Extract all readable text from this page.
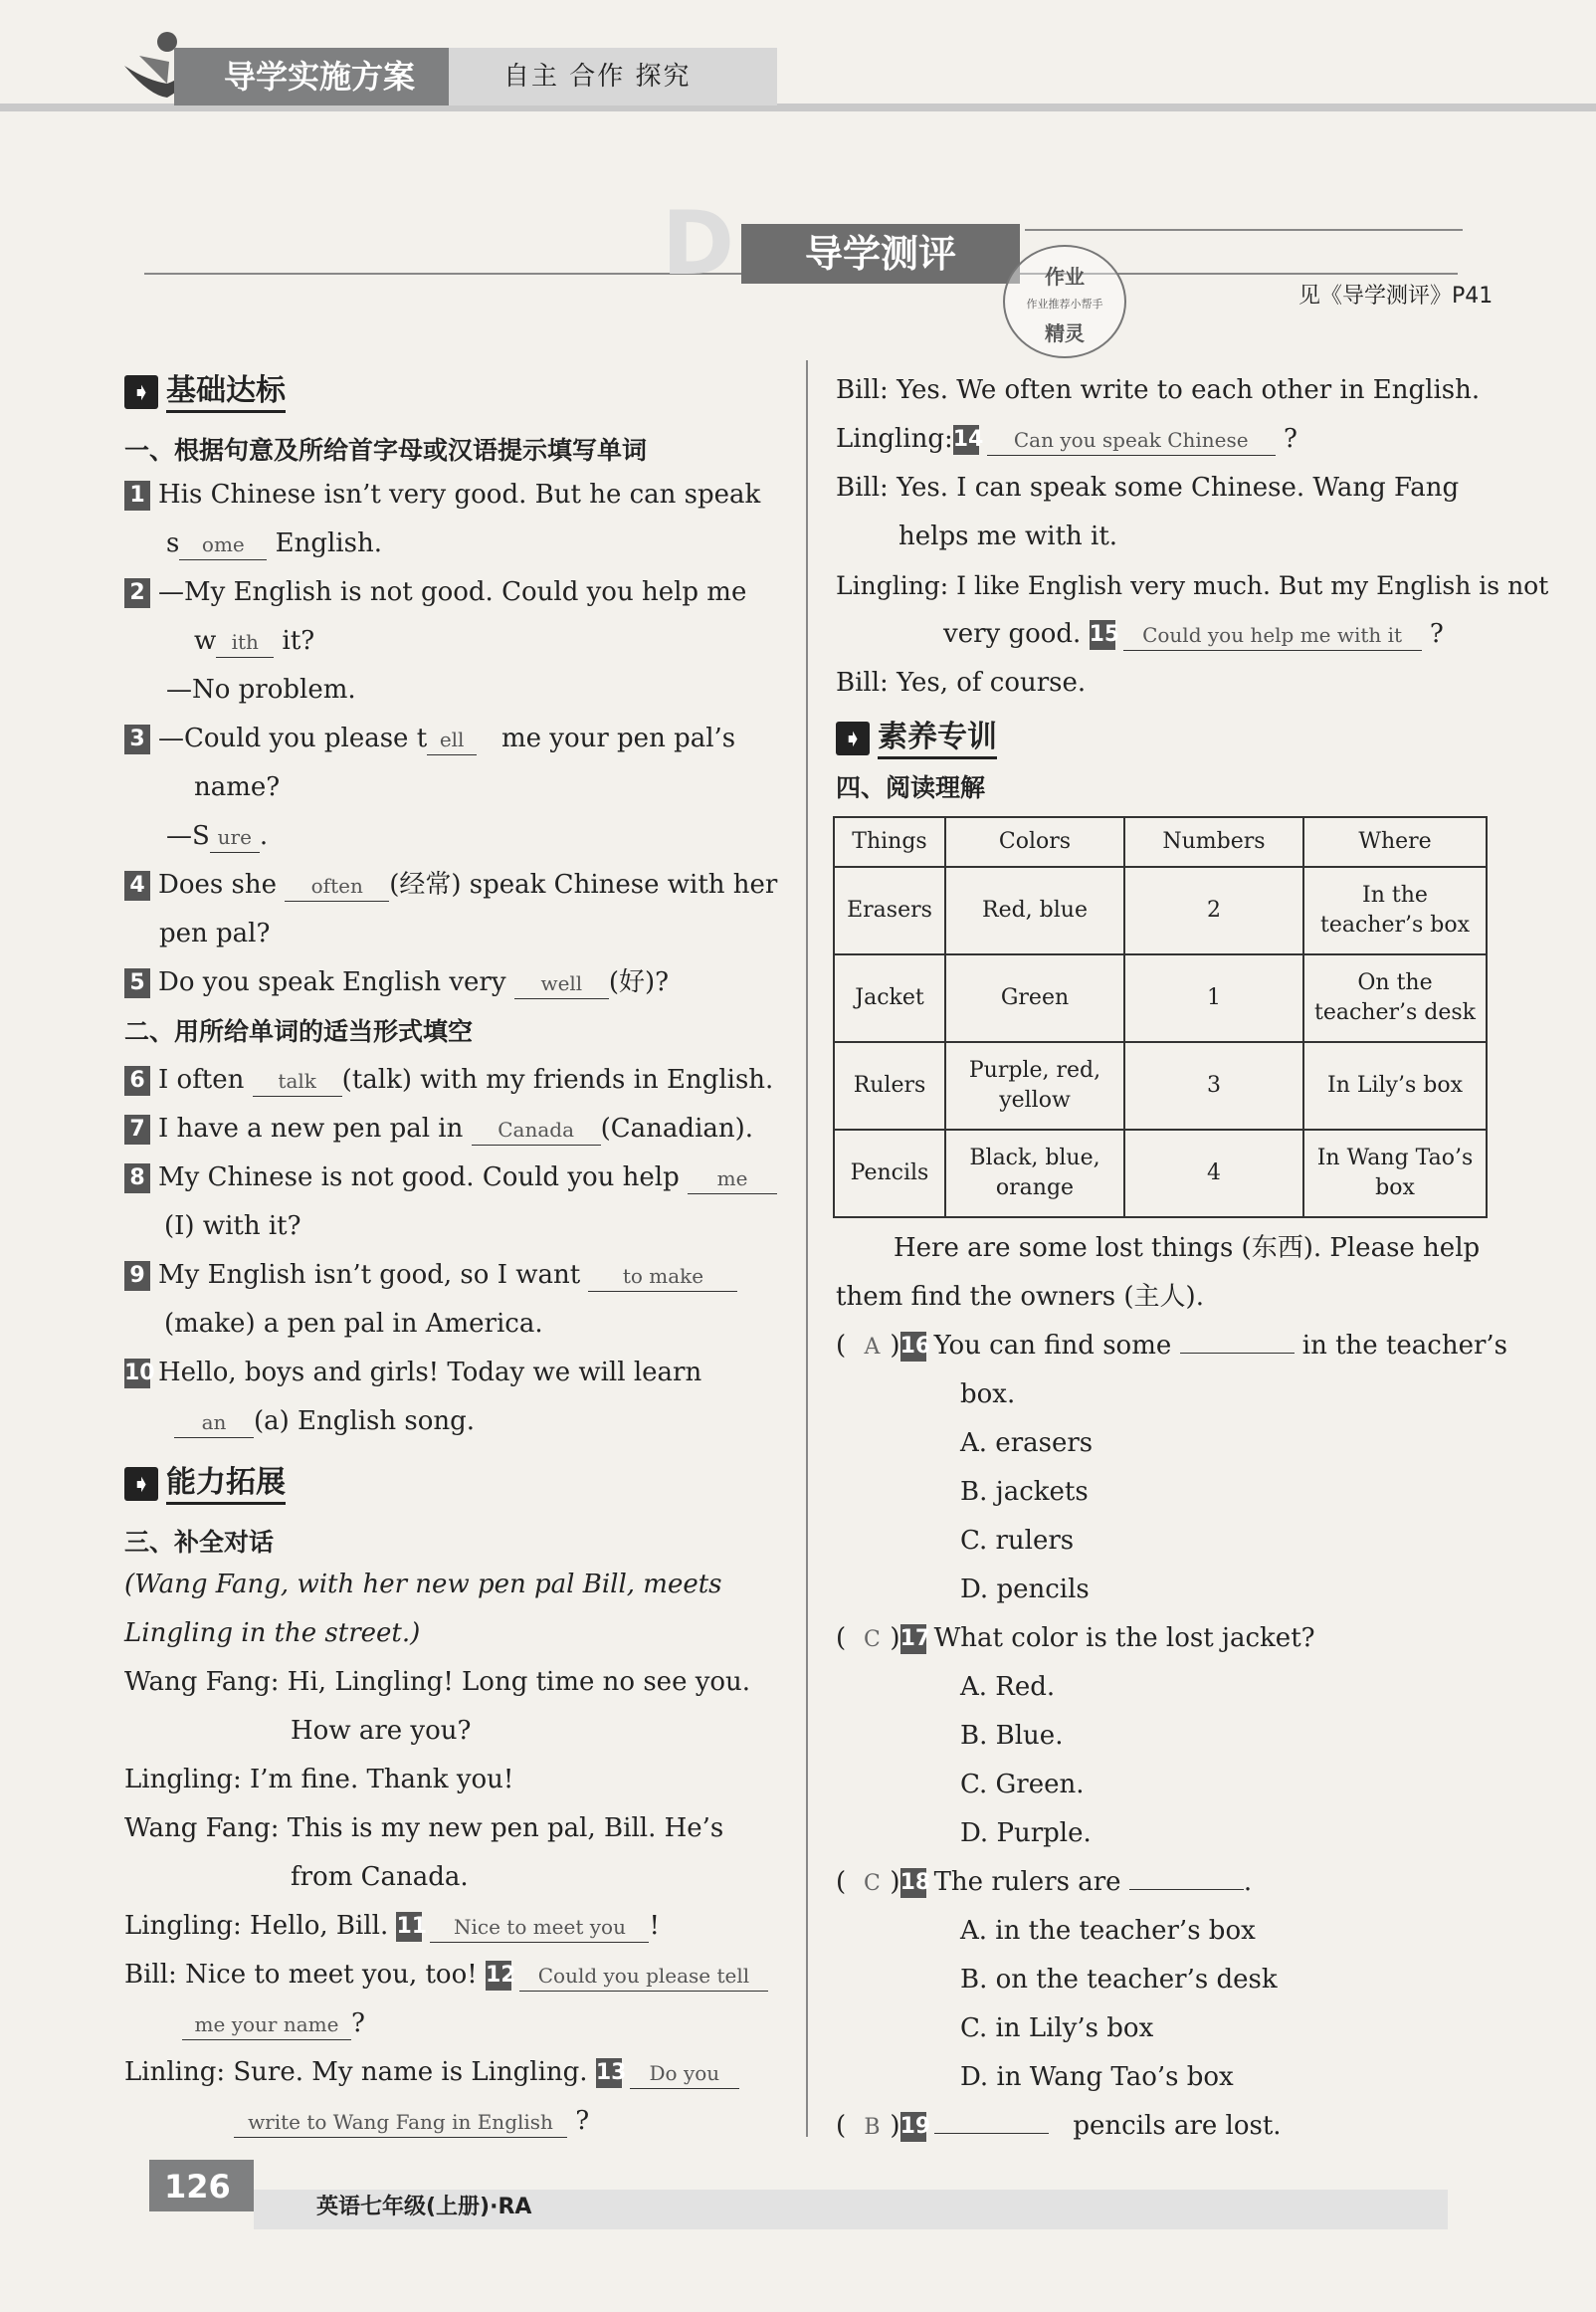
导学实施方案	自主 合作 探究
D	导学测评
作业
作业推荐小帮手
精灵
见《导学测评》P41
➧ 基础达标
一、根据句意及所给首字母或汉语提示填写单词
1 His Chinese isn’t very good. But he can speak
s ome English.
2 —My English is not good. Could you help me
w ith it?
—No problem.
3 —Could you please t ell me your pen pal’s
name?
—S ure .
4 Does she often (经常) speak Chinese with her
pen pal?
5 Do you speak English very well (好)?
二、用所给单词的适当形式填空
6 I often talk (talk) with my friends in English.
7 I have a new pen pal in Canada (Canadian).
8 My Chinese is not good. Could you help me
(I) with it?
9 My English isn’t good, so I want to make
(make) a pen pal in America.
10 Hello, boys and girls! Today we will learn
an (a) English song.
➧ 能力拓展
三、补全对话
(Wang Fang, with her new pen pal Bill, meets
Lingling in the street.)
Wang Fang: Hi, Lingling! Long time no see you.
How are you?
Lingling: I’m fine. Thank you!
Wang Fang: This is my new pen pal, Bill. He’s
from Canada.
Lingling: Hello, Bill. 11 Nice to meet you !
Bill: Nice to meet you, too! 12 Could you please tell
me your name ?
Linling: Sure. My name is Lingling. 13 Do you
write to Wang Fang in English ?
Bill: Yes. We often write to each other in English.
Lingling:14 Can you speak Chinese ?
Bill: Yes. I can speak some Chinese. Wang Fang
helps me with it.
Lingling: I like English very much. But my English is not
very good. 15 Could you help me with it ?
Bill: Yes, of course.
➧ 素养专训
四、阅读理解
Things	Colors	Numbers	Where
Erasers	Red, blue	2	In the
teacher’s box
Jacket	Green	1	On the
teacher’s desk
Rulers	Purple, red,
yellow	3	In Lily’s box
Pencils	Black, blue,
orange	4	In Wang Tao’s
box
Here are some lost things (东西). Please help
them find the owners (主人).
( A )16 You can find some	in the teacher’s
box.
A. erasers
B. jackets
C. rulers
D. pencils
( C )17 What color is the lost jacket?
A. Red.
B. Blue.
C. Green.
D. Purple.
( C )18 The rulers are	.
A. in the teacher’s box
B. on the teacher’s desk
C. in Lily’s box
D. in Wang Tao’s box
( B )19	pencils are lost.
126
英语七年级(上册)·RA
